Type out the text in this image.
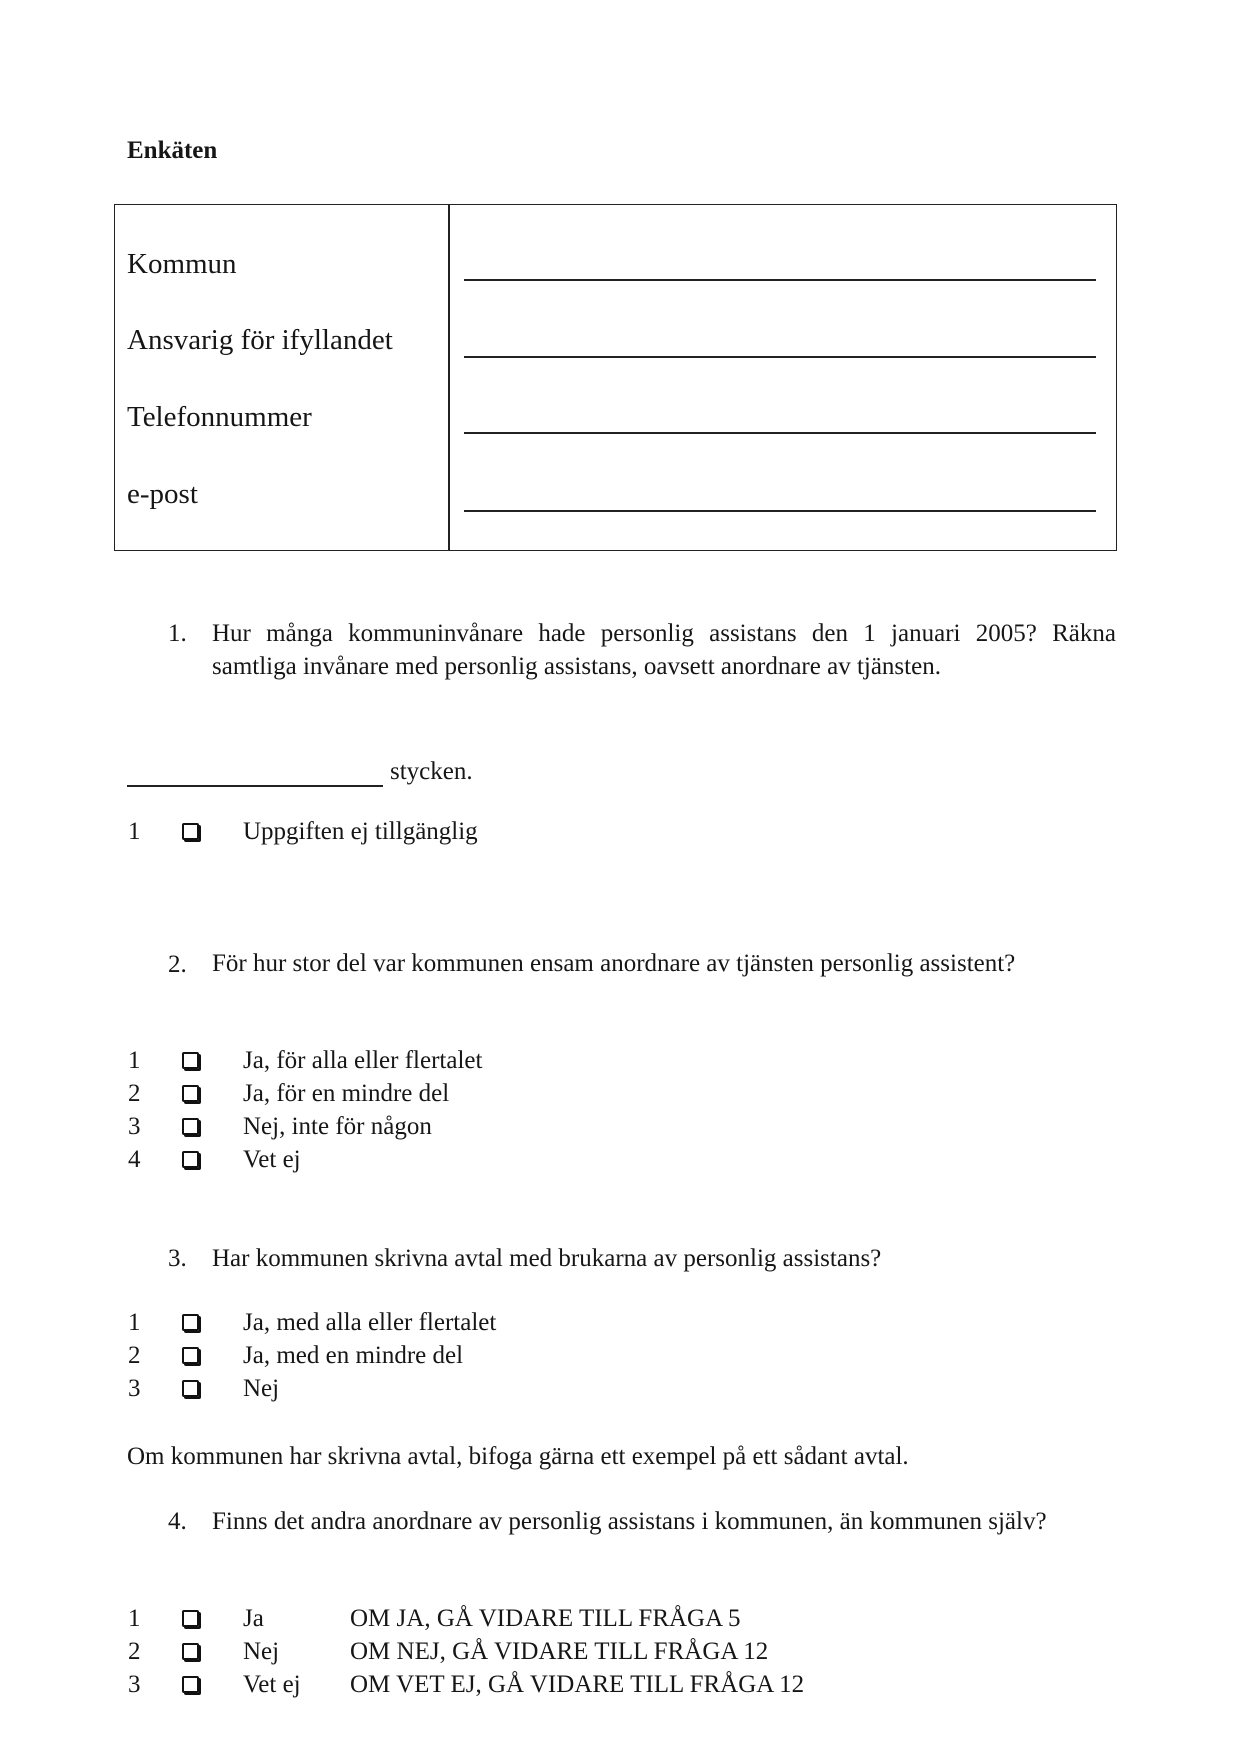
Enkäten
Kommun
Ansvarig för ifyllandet
Telefonnummer
e-post
1. Hur många kommuninvånare hade personlig assistans den 1 januari 2005? Räkna samtliga invånare med personlig assistans, oavsett anordnare av tjänsten.
stycken.
1	Uppgiften ej tillgänglig
2. För hur stor del var kommunen ensam anordnare av tjänsten personlig assistent?
1	Ja, för alla eller flertalet
2	Ja, för en mindre del
3	Nej, inte för någon
4	Vet ej
3. Har kommunen skrivna avtal med brukarna av personlig assistans?
1	Ja, med alla eller flertalet
2	Ja, med en mindre del
3	Nej
Om kommunen har skrivna avtal, bifoga gärna ett exempel på ett sådant avtal.
4. Finns det andra anordnare av personlig assistans i kommunen, än kommunen själv?
1	Ja	OM JA, GÅ VIDARE TILL FRÅGA 5
2	Nej	OM NEJ, GÅ VIDARE TILL FRÅGA 12
3	Vet ej OM VET EJ, GÅ VIDARE TILL FRÅGA 12
